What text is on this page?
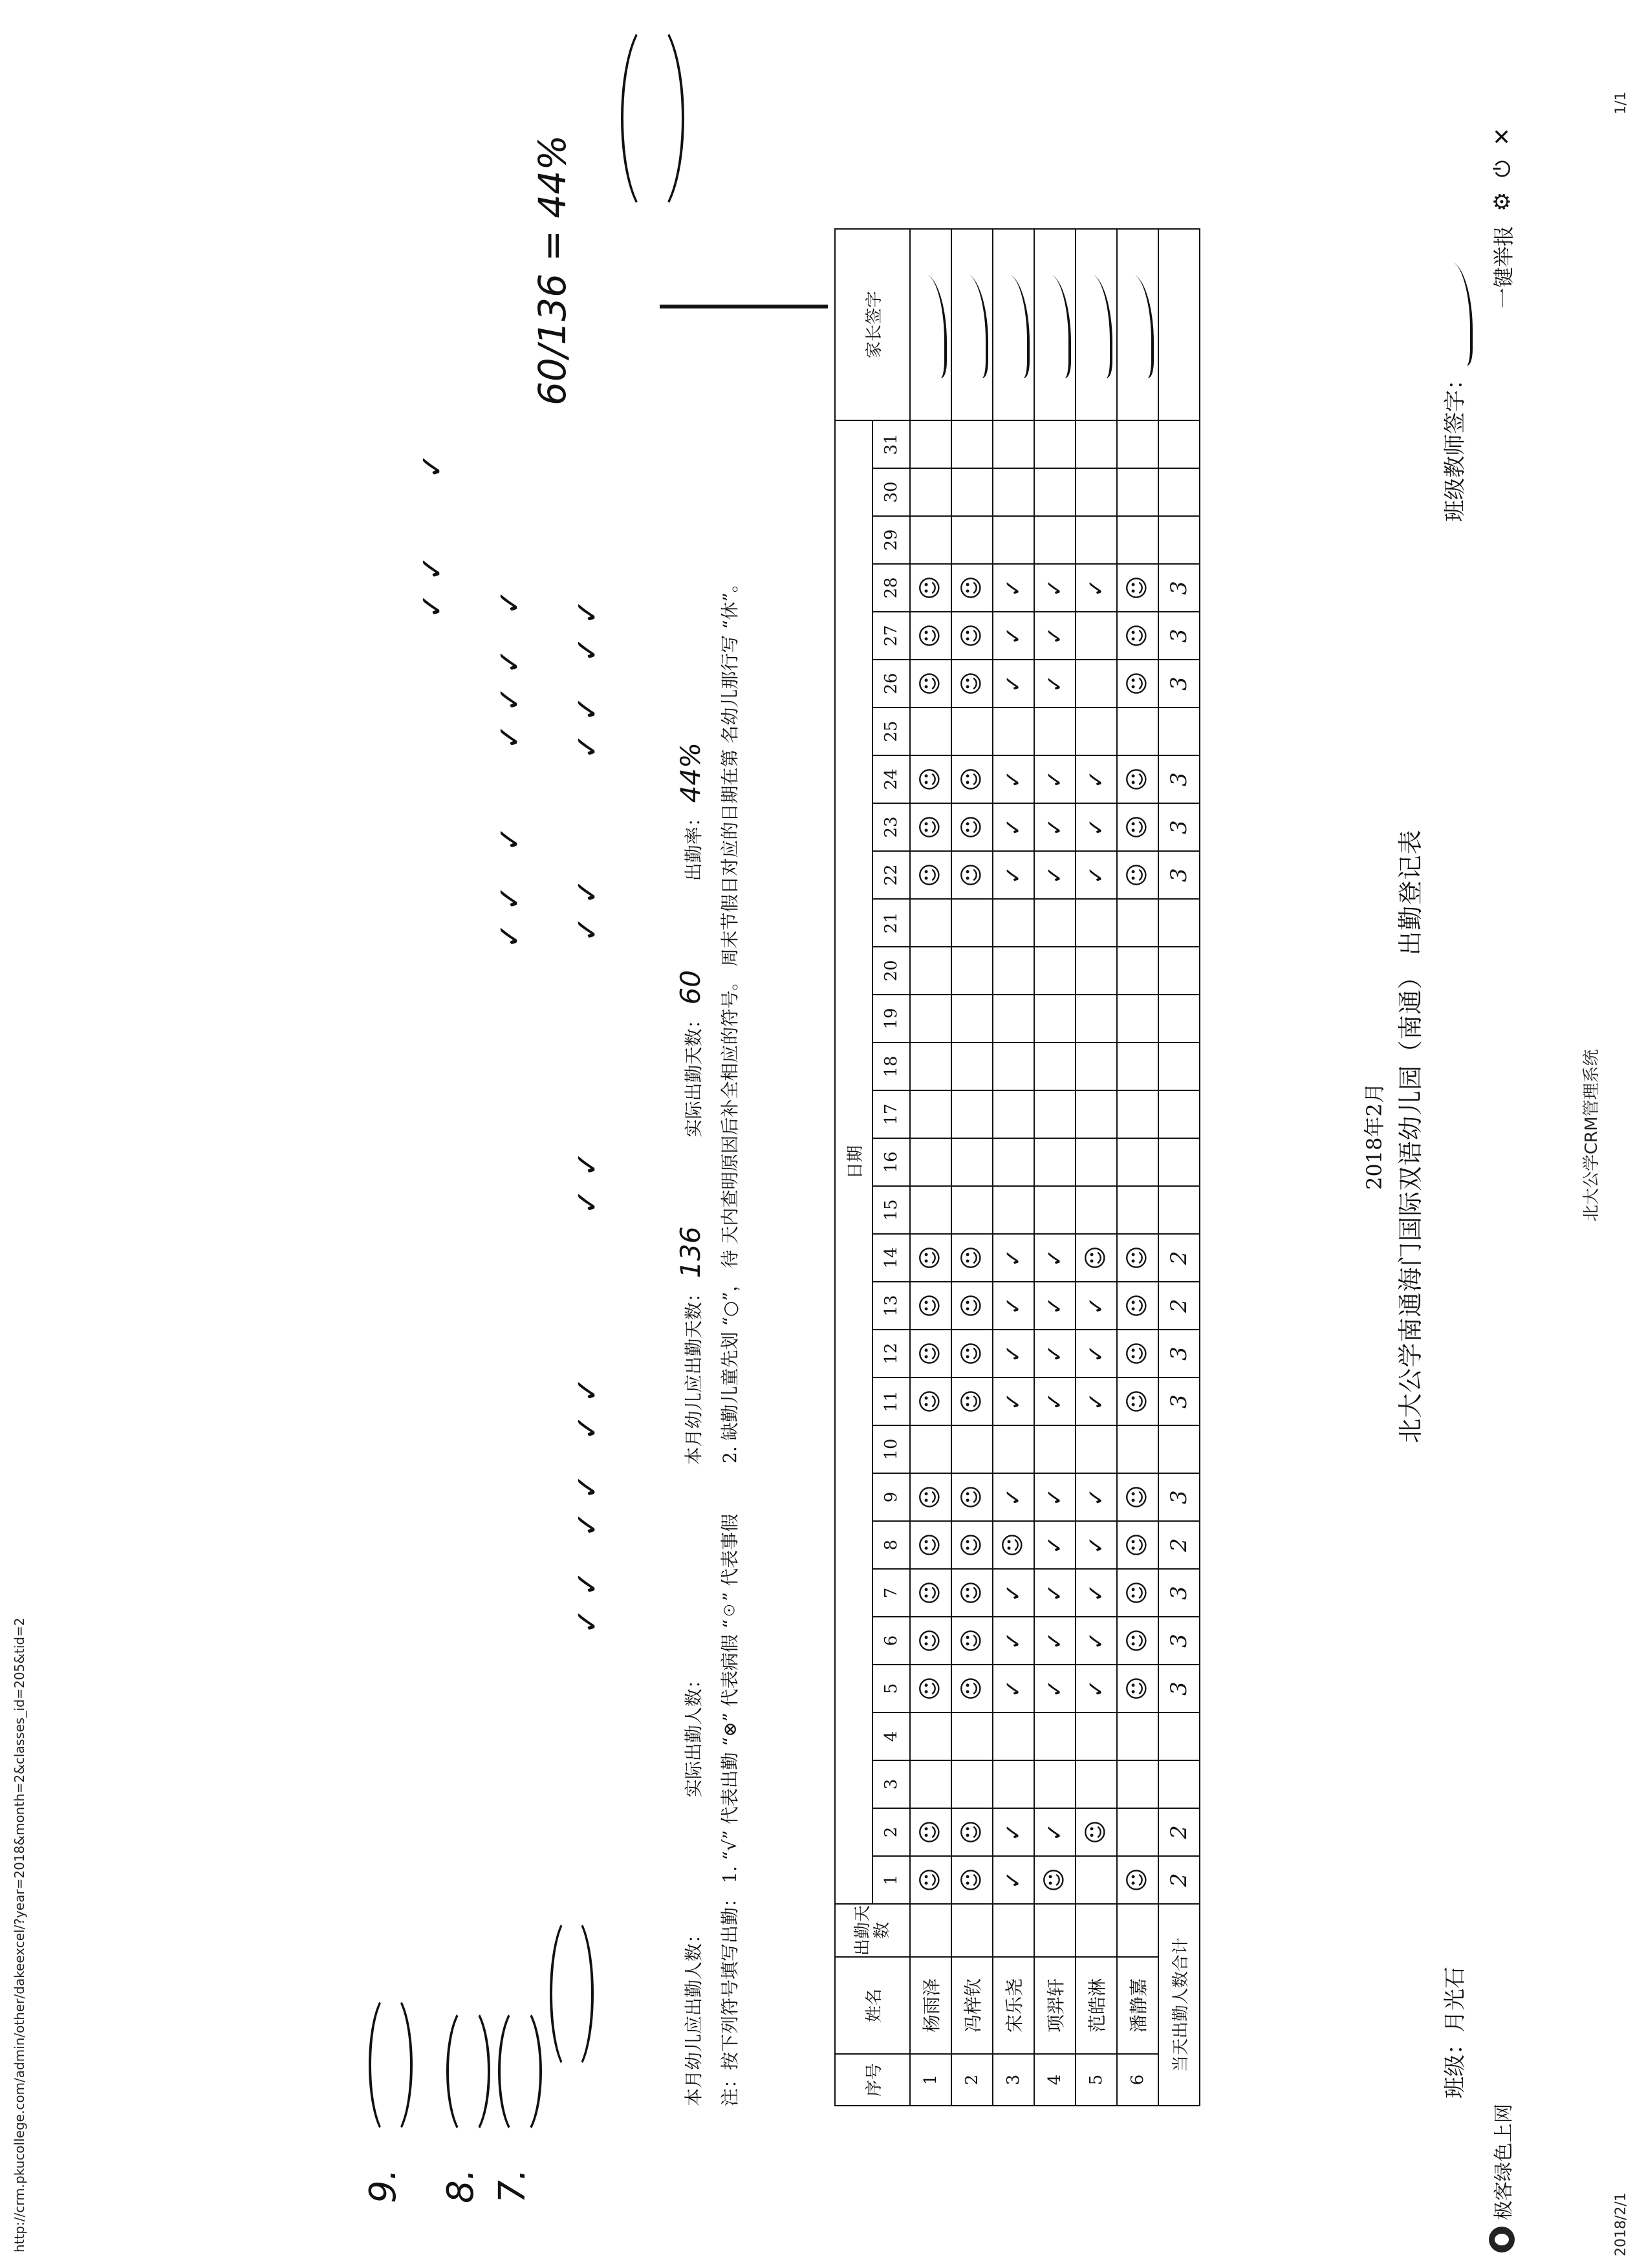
2018/2/1
北大公学CRM管理系统
1/1
http://crm.pkucollege.com/admin/other/dakeexcel/?year=2018&month=2&classes_id=205&tid=2	极客绿色上网
一键举报
⚙
⏻
✕
北大公学南通海门国际双语幼儿园（南通） 出勤登记表
2018年2月
班级：月光石
班级教师签字：
序号	姓名	出勤天数	日期																															家长签字
			1	2	3	4	5	6	7	8	9	10	11	12	13	14	15	16	17	18	19	20	21	22	23	24	25	26	27	28	29	30	31	
1	杨雨泽		☺	☺			☺	☺	☺	☺	☺		☺	☺	☺	☺								☺	☺	☺		☺	☺	☺				
2	冯梓钦		☺	☺			☺	☺	☺	☺	☺		☺	☺	☺	☺								☺	☺	☺		☺	☺	☺				
3	宋乐尧		✓	✓			✓	✓	✓	☺	✓		✓	✓	✓	✓								✓	✓	✓		✓	✓	✓				
4	项羿轩		☺	✓			✓	✓	✓	✓	✓		✓	✓	✓	✓								✓	✓	✓		✓	✓	✓				
5	范皓淋			☺			✓	✓	✓	✓	✓		✓	✓	✓	☺								✓	✓	✓				✓				
6	潘静嘉		☺				☺	☺	☺	☺	☺		☺	☺	☺	☺								☺	☺	☺		☺	☺	☺				
当天出勤人数合计			2	2			3	3	3	2	3		3	3	2	2								3	3	3		3	3	3				
本月幼儿应出勤人数：  实际出勤人数：  本月幼儿应出勤天数： 136  实际出勤天数： 60  出勤率： 44%
注：按下列符号填写出勤： 1. “√” 代表出勤 “⊗” 代表病假 “☉” 代表事假  2. 缺勤儿童先划 “○”， 待 天内查明原因后补全相应的符号。 周末节假日对应的日期在第 名幼儿那行写 “休”。
✓✓ ✓✓ ✓✓       ✓✓
✓✓     ✓✓ ✓✓
✓✓ ✓   ✓✓✓ ✓
✓✓   ✓
60/136 = 44%
7.
8.
9.
